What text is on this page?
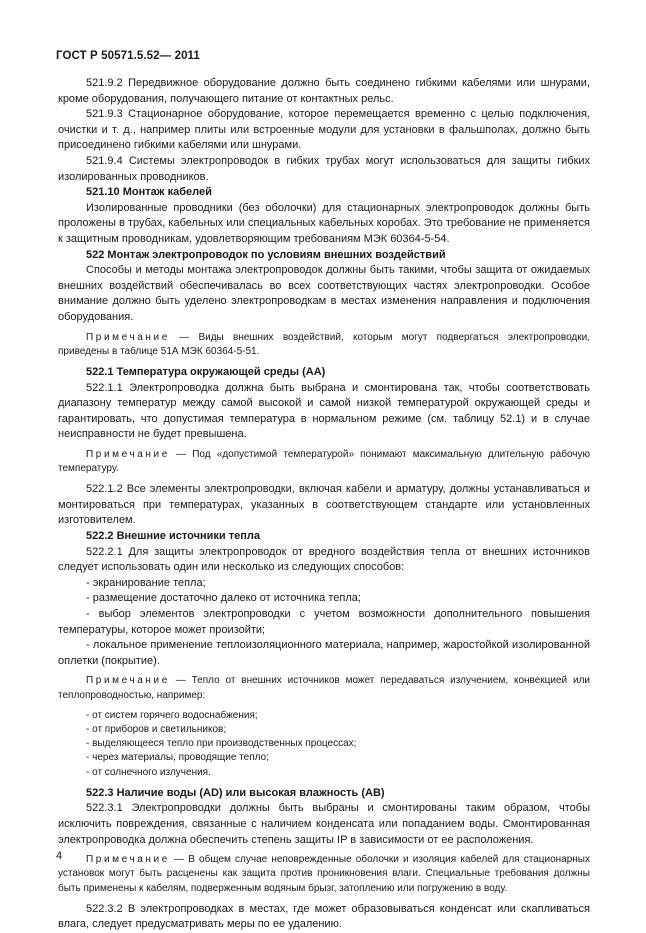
ГОСТ Р 50571.5.52— 2011

521.9.2 Передвижное оборудование должно быть соединено гибкими кабелями или шнурами, кроме оборудования, получающего питание от контактных рельс.

521.9.3 Стационарное оборудование, которое перемещается временно с целью подключения, очистки и т. д., например плиты или встроенные модули для установки в фальшполах, должно быть присоединено гибкими кабелями или шнурами.

521.9.4 Системы электропроводок в гибких трубах могут использоваться для защиты гибких изолированных проводников.

521.10 Монтаж кабелей

Изолированные проводники (без оболочки) для стационарных электропроводок должны быть проложены в трубах, кабельных или специальных кабельных коробах. Это требование не применяется к защитным проводникам, удовлетворяющим требованиям МЭК 60364-5-54.

522 Монтаж электропроводок по условиям внешних воздействий

Способы и методы монтажа электропроводок должны быть такими, чтобы защита от ожидаемых внешних воздействий обеспечивалась во всех соответствующих частях электропроводки. Особое внимание должно быть уделено электропроводкам в местах изменения направления и подключения оборудования.

Примечание — Виды внешних воздействий, которым могут подвергаться электропроводки, приведены в таблице 51А МЭК 60364-5-51.

522.1 Температура окружающей среды (АА)

522.1.1 Электропроводка должна быть выбрана и смонтирована так, чтобы соответствовать диапазону температур между самой высокой и самой низкой температурой окружающей среды и гарантировать, что допустимая температура в нормальном режиме (см. таблицу 52.1) и в случае неисправности не будет превышена.

Примечание — Под «допустимой температурой» понимают максимальную длительную рабочую температуру.

522.1.2 Все элементы электропроводки, включая кабели и арматуру, должны устанавливаться и монтироваться при температурах, указанных в соответствующем стандарте или установленных изготовителем.

522.2 Внешние источники тепла

522.2.1 Для защиты электропроводок от вредного воздействия тепла от внешних источников следует использовать один или несколько из следующих способов:

- экранирование тепла;

- размещение достаточно далеко от источника тепла;

- выбор элементов электропроводки с учетом возможности дополнительного повышения температуры, которое может произойти;

- локальное применение теплоизоляционного материала, например, жаростойкой изолированной оплетки (покрытие).

Примечание — Тепло от внешних источников может передаваться излучением, конвекцией или теплопроводностью, например:

- от систем горячего водоснабжения;
- от приборов и светильников;
- выделяющееся тепло при производственных процессах;
- через материалы, проводящие тепло;
- от солнечного излучения.

522.3 Наличие воды (AD) или высокая влажность (АВ)

522.3.1 Электропроводки должны быть выбраны и смонтированы таким образом, чтобы исключить повреждения, связанные с наличием конденсата или попаданием воды. Смонтированная электропроводка должна обеспечить степень защиты IP в зависимости от ее расположения.

Примечание — В общем случае неповрежденные оболочки и изоляция кабелей для стационарных установок могут быть расценены как защита против проникновения влаги. Специальные требования должны быть применены к кабелям, подверженным водяным брызг, затоплению или погружению в воду.

522.3.2 В электропроводках в местах, где может образовываться конденсат или скапливаться влага, следует предусматривать меры по ее удалению.

4
